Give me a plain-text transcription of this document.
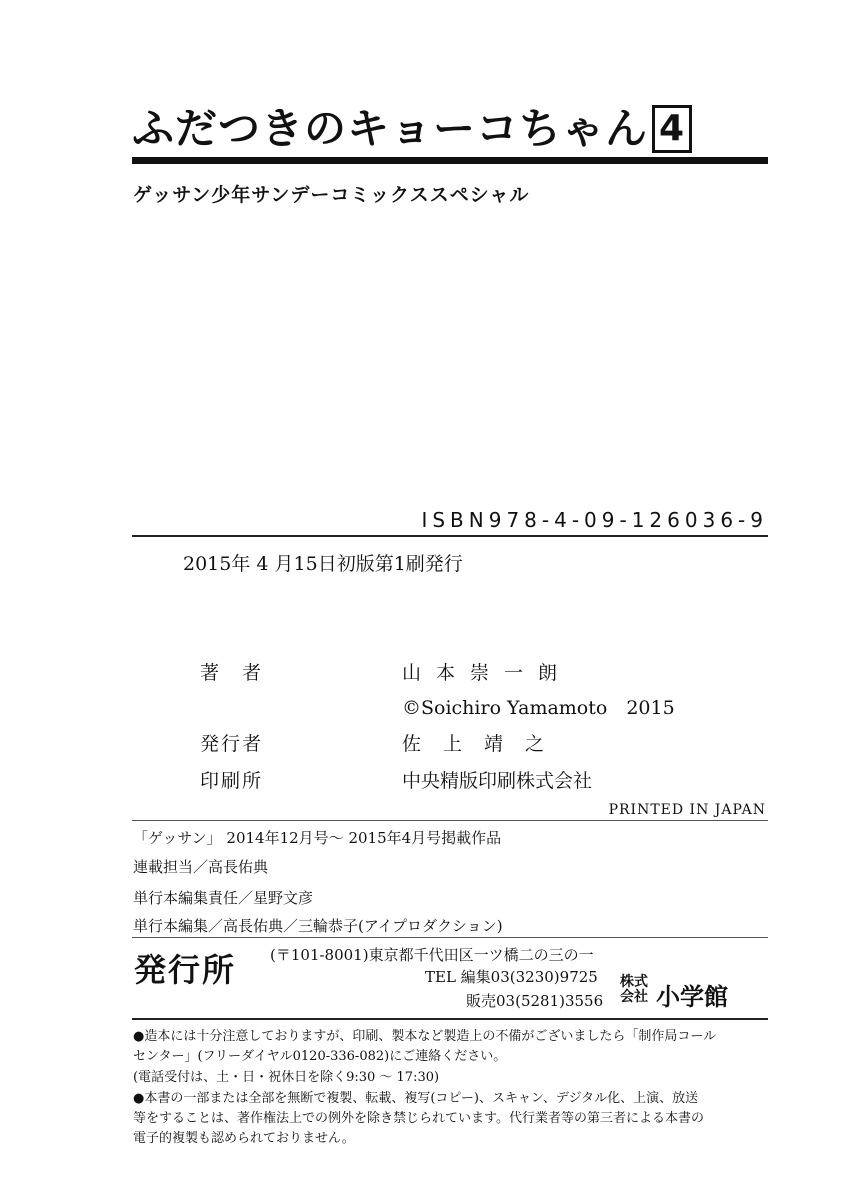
ふだつきのキョーコちゃん 4
ゲッサン少年サンデーコミックススペシャル
ISBN978-4-09-126036-9
2015年 4 月15日初版第1刷発行
著　者	山本崇一朗
©Soichiro Yamamoto　2015
発行者	佐上靖之
印刷所	中央精版印刷株式会社
PRINTED IN JAPAN
「ゲッサン」 2014年12月号～ 2015年4月号掲載作品
連載担当／高長佑典
単行本編集責任／星野文彦
単行本編集／高長佑典／三輪恭子(アイプロダクション)
発行所 (〒101-8001)東京都千代田区一ツ橋二の三の一
TEL 編集03(3230)9725
販売03(5281)3556
株式
会社 小学館
●造本には十分注意しておりますが、印刷、製本など製造上の不備がございましたら「制作局コール
センター」(フリーダイヤル0120-336-082)にご連絡ください。
(電話受付は、土・日・祝休日を除く9:30 ～ 17:30)
●本書の一部または全部を無断で複製、転載、複写(コピー)、スキャン、デジタル化、上演、放送
等をすることは、著作権法上での例外を除き禁じられています。代行業者等の第三者による本書の
電子的複製も認められておりません。
